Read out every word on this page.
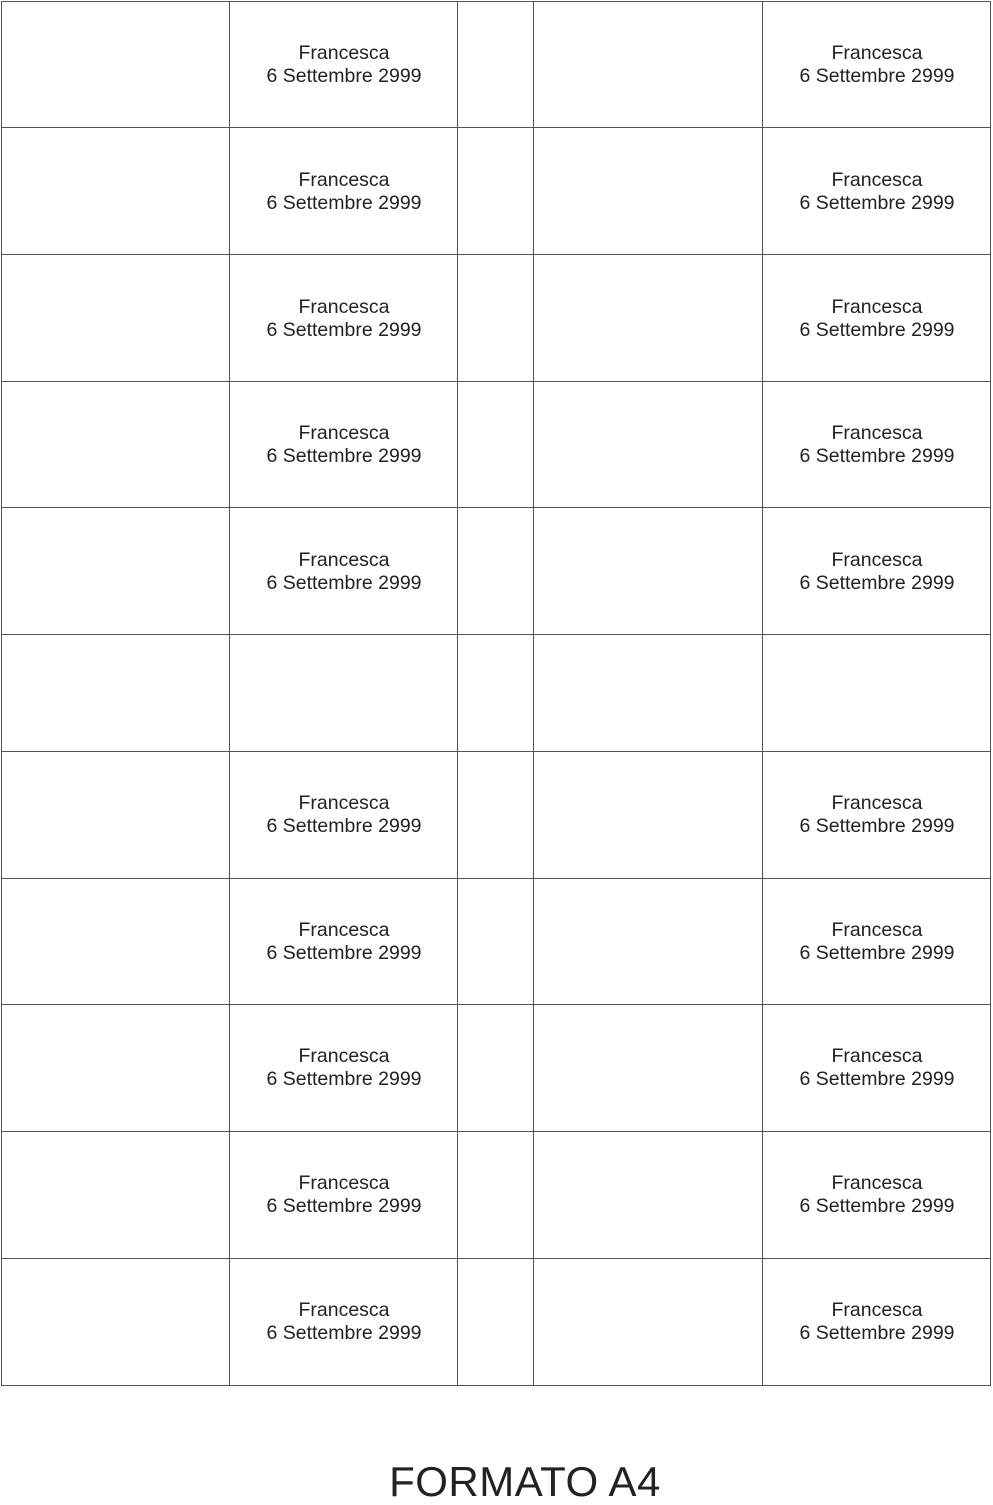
Francesca
6 Settembre 2999
Francesca
6 Settembre 2999
Francesca
6 Settembre 2999
Francesca
6 Settembre 2999
Francesca
6 Settembre 2999
Francesca
6 Settembre 2999
Francesca
6 Settembre 2999
Francesca
6 Settembre 2999
Francesca
6 Settembre 2999
Francesca
6 Settembre 2999
Francesca
6 Settembre 2999
Francesca
6 Settembre 2999
Francesca
6 Settembre 2999
Francesca
6 Settembre 2999
Francesca
6 Settembre 2999
Francesca
6 Settembre 2999
Francesca
6 Settembre 2999
Francesca
6 Settembre 2999
Francesca
6 Settembre 2999
Francesca
6 Settembre 2999
FORMATO A4
